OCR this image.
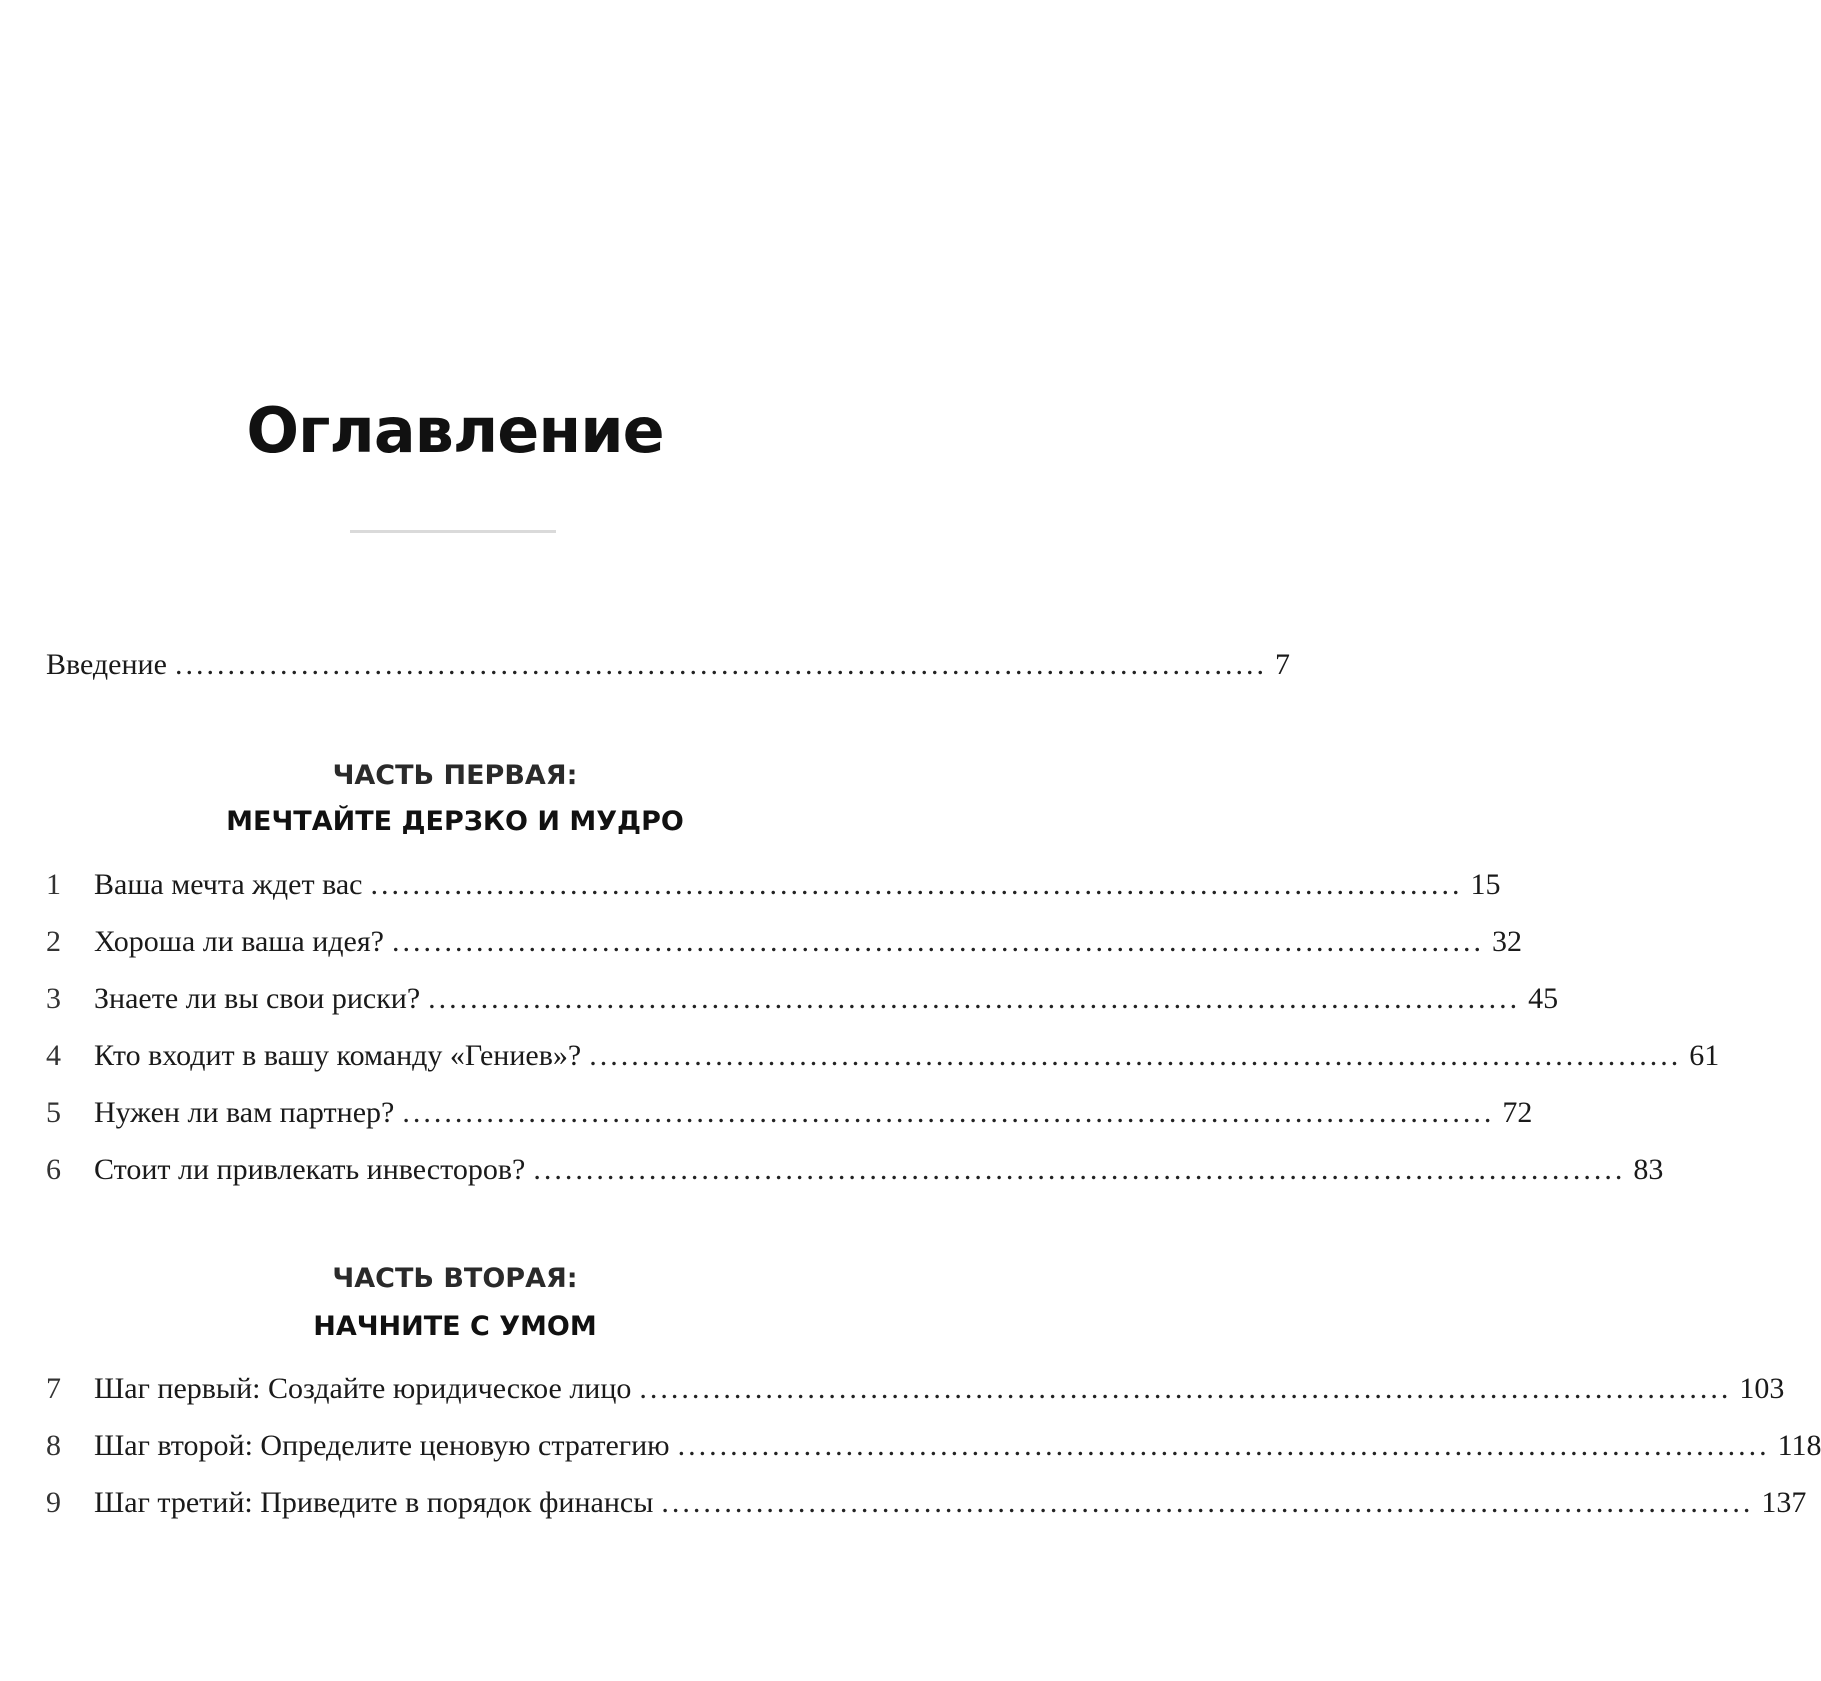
Оглавление
Введение ........................................................................................................ 7
ЧАСТЬ ПЕРВАЯ:
МЕЧТАЙТЕ ДЕРЗКО И МУДРО
1	Ваша мечта ждет вас ........................................................................................................ 15
2	Хороша ли ваша идея? ........................................................................................................ 32
3	Знаете ли вы свои риски? ........................................................................................................ 45
4	Кто входит в вашу команду «Гениев»? ........................................................................................................ 61
5	Нужен ли вам партнер? ........................................................................................................ 72
6	Стоит ли привлекать инвесторов? ........................................................................................................ 83
ЧАСТЬ ВТОРАЯ:
НАЧНИТЕ С УМОМ
7	Шаг первый: Создайте юридическое лицо ........................................................................................................ 103
8	Шаг второй: Определите ценовую стратегию ........................................................................................................ 118
9	Шаг третий: Приведите в порядок финансы ........................................................................................................ 137
